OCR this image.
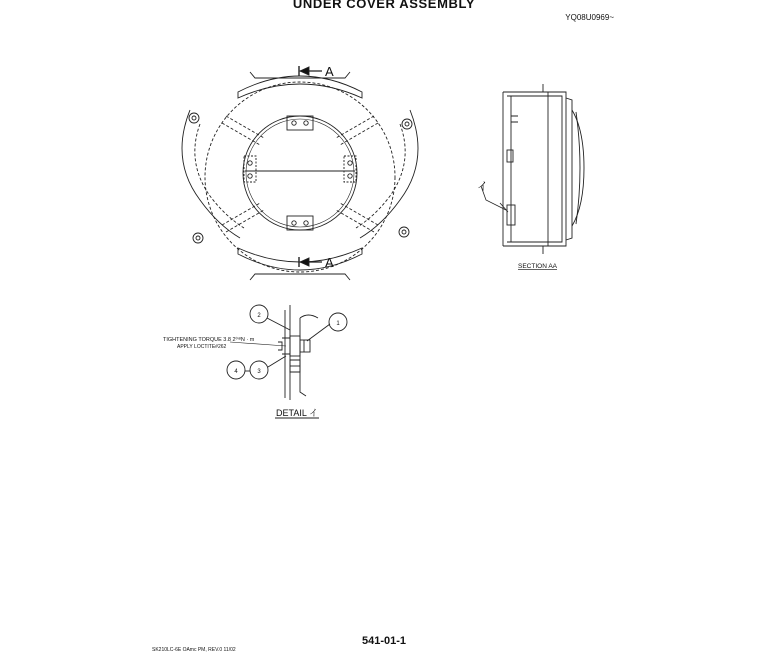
UNDER COVER ASSEMBLY
YQ08U0969~
A
A	SECTION AA
イ
TIGHTENING TORQUE 3.8 2⁰ᶦ⁸N · m
APPLY LOCTITE#262
DETAIL イ
1
2
3
4
541-01-1
SK210LC-6E OAmc PM, REV.0 11/02
